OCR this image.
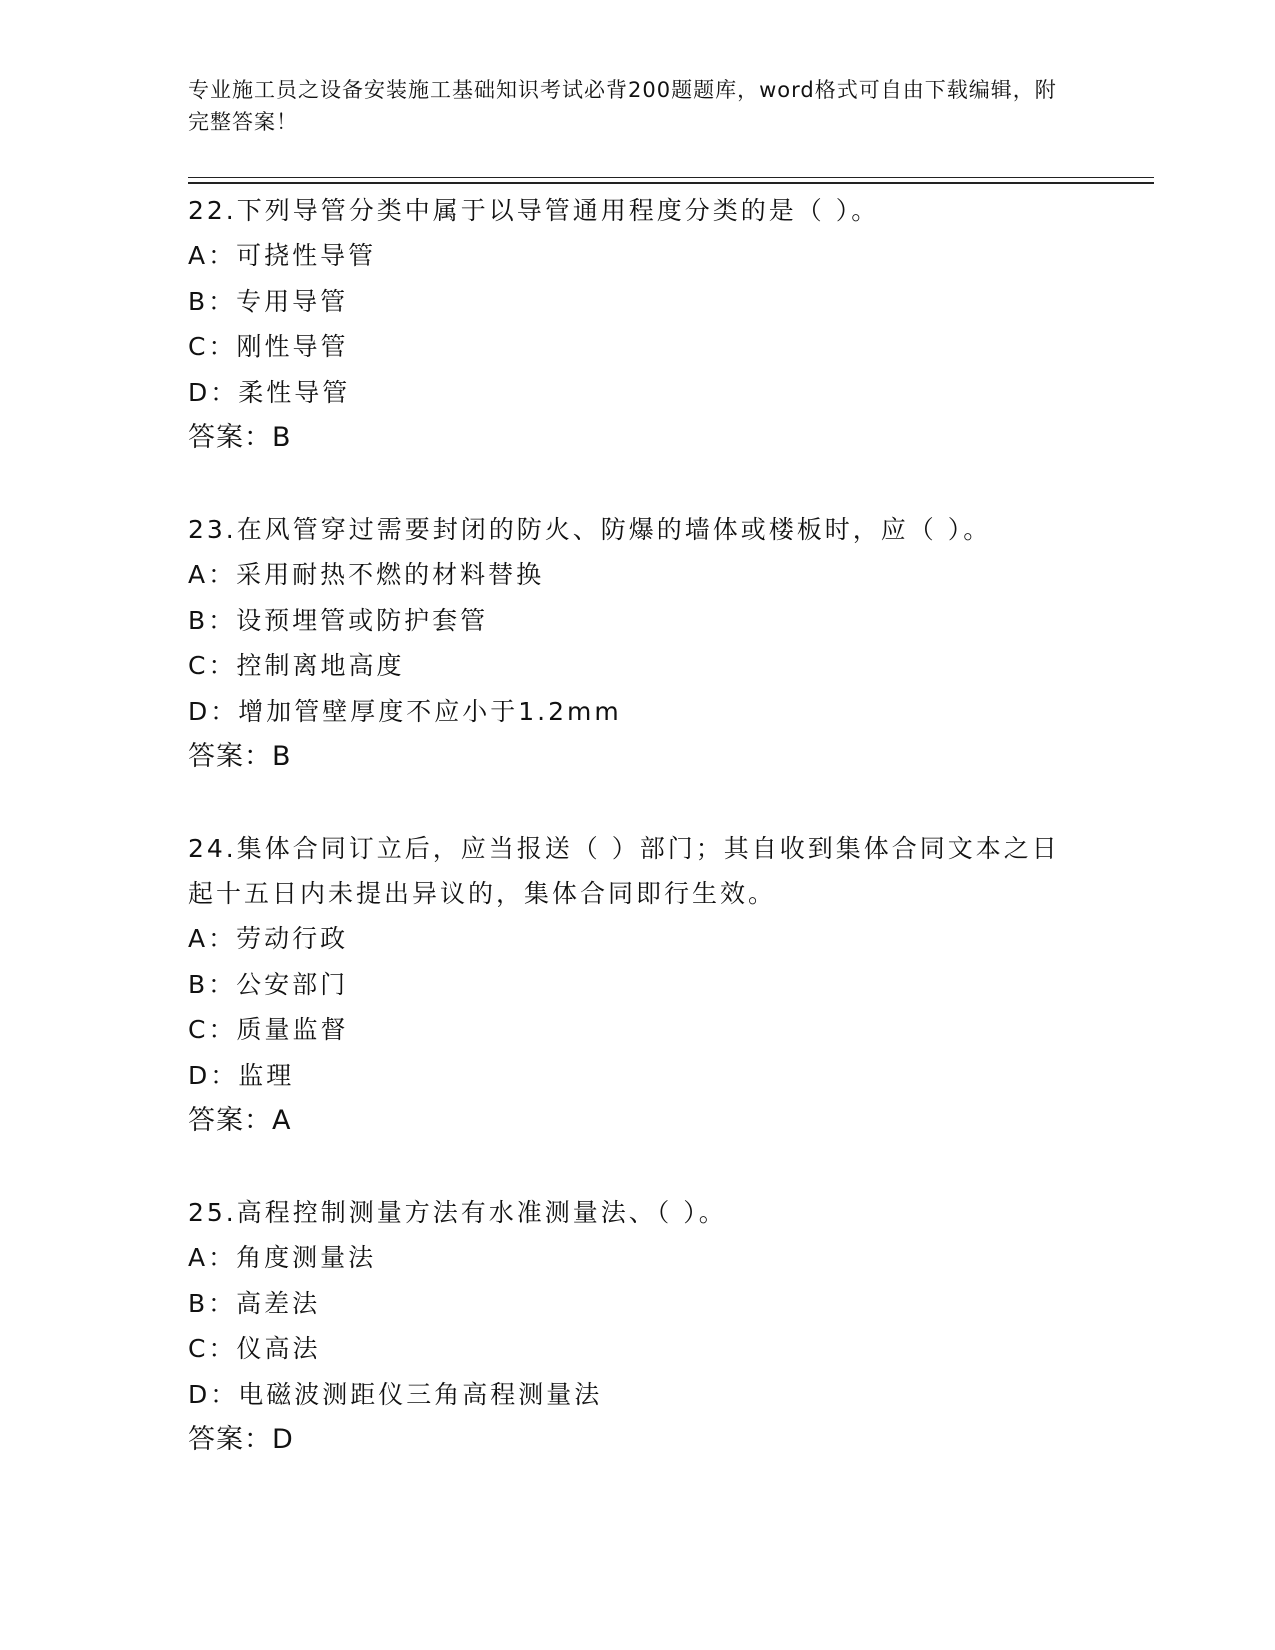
专业施工员之设备安装施工基础知识考试必背200题题库，word格式可自由下载编辑，附完整答案！

22.下列导管分类中属于以导管通用程度分类的是（ ）。

A：可挠性导管

B：专用导管

C：刚性导管

D：柔性导管

答案：B

23.在风管穿过需要封闭的防火、防爆的墙体或楼板时，应（ ）。

A：采用耐热不燃的材料替换

B：设预埋管或防护套管

C：控制离地高度

D：增加管壁厚度不应小于1.2mm

答案：B

24.集体合同订立后，应当报送（ ）部门；其自收到集体合同文本之日起十五日内未提出异议的，集体合同即行生效。

A：劳动行政

B：公安部门

C：质量监督

D：监理

答案：A

25.高程控制测量方法有水准测量法、（ ）。

A：角度测量法

B：高差法

C：仪高法

D：电磁波测距仪三角高程测量法

答案：D
